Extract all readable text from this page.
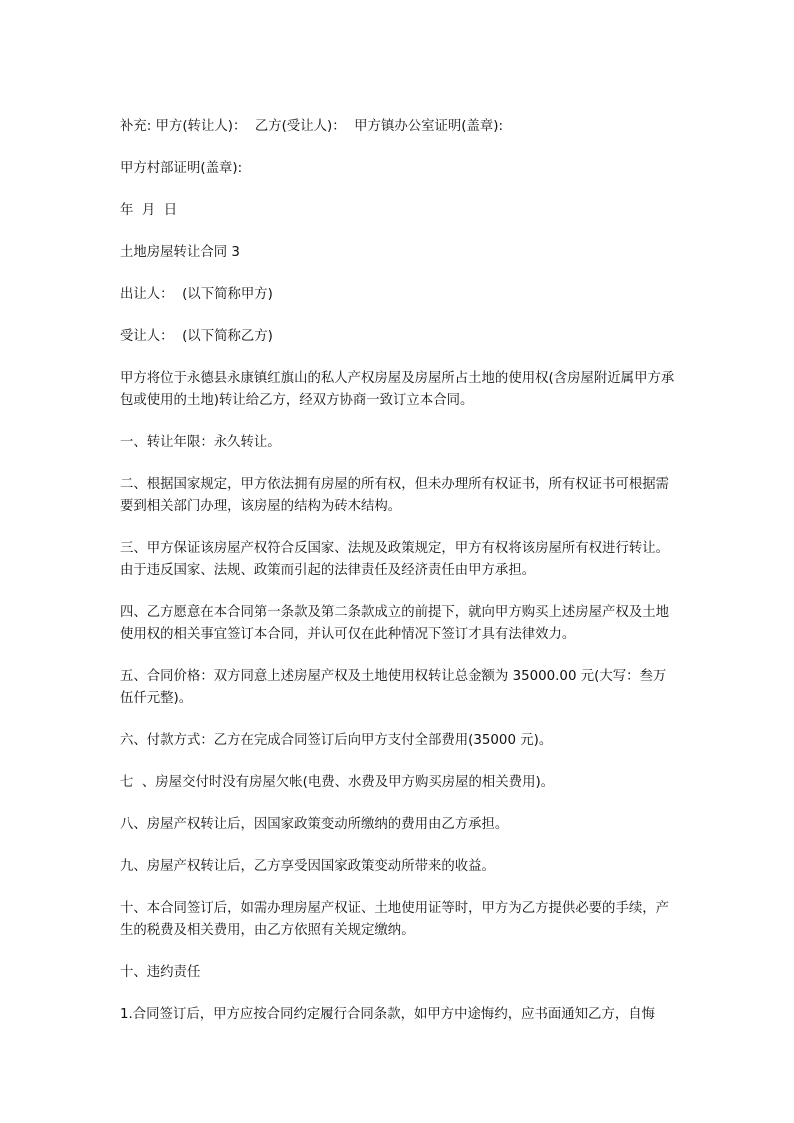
补充: 甲方(转让人)：  乙方(受让人)：  甲方镇办公室证明(盖章):

甲方村部证明(盖章):

年  月  日

土地房屋转让合同 3

出让人：  (以下简称甲方)

受让人：  (以下简称乙方)

甲方将位于永德县永康镇红旗山的私人产权房屋及房屋所占土地的使用权(含房屋附近属甲方承包或使用的土地)转让给乙方，经双方协商一致订立本合同。

一、转让年限：永久转让。

二、根据国家规定，甲方依法拥有房屋的所有权，但未办理所有权证书，所有权证书可根据需要到相关部门办理，该房屋的结构为砖木结构。

三、甲方保证该房屋产权符合反国家、法规及政策规定，甲方有权将该房屋所有权进行转让。由于违反国家、法规、政策而引起的法律责任及经济责任由甲方承担。

四、乙方愿意在本合同第一条款及第二条款成立的前提下，就向甲方购买上述房屋产权及土地使用权的相关事宜签订本合同，并认可仅在此种情况下签订才具有法律效力。

五、合同价格：双方同意上述房屋产权及土地使用权转让总金额为 35000.00 元(大写：叁万伍仟元整)。

六、付款方式：乙方在完成合同签订后向甲方支付全部费用(35000 元)。

七  、房屋交付时没有房屋欠帐(电费、水费及甲方购买房屋的相关费用)。

八、房屋产权转让后，因国家政策变动所缴纳的费用由乙方承担。

九、房屋产权转让后，乙方享受因国家政策变动所带来的收益。

十、本合同签订后，如需办理房屋产权证、土地使用证等时，甲方为乙方提供必要的手续，产生的税费及相关费用，由乙方依照有关规定缴纳。

十、违约责任

1.合同签订后，甲方应按合同约定履行合同条款，如甲方中途悔约，应书面通知乙方，自悔
